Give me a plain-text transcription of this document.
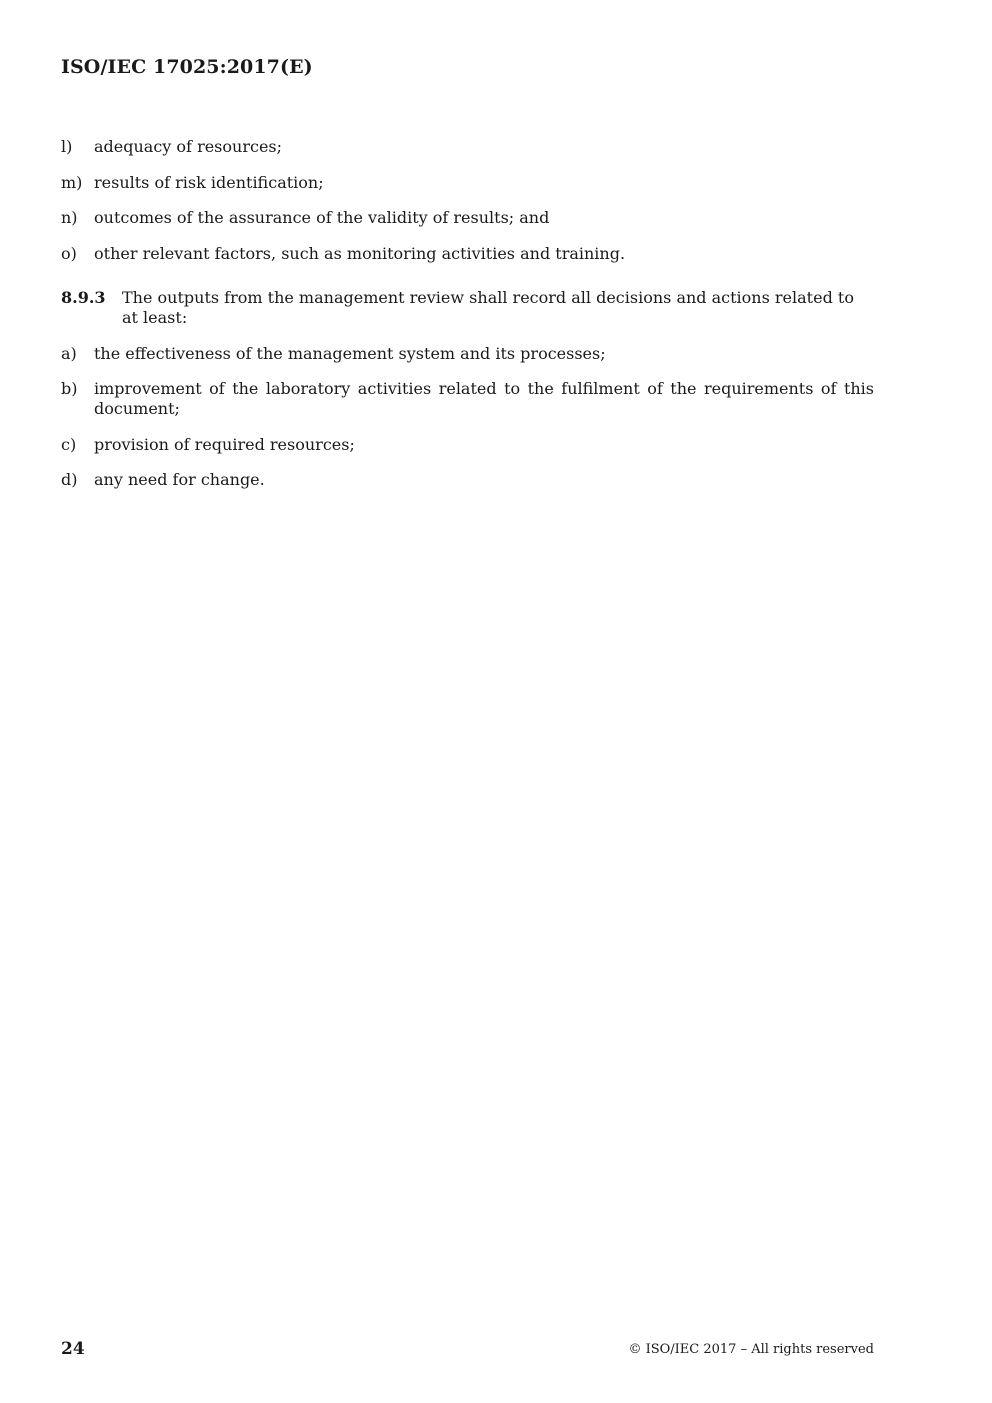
ISO/IEC 17025:2017(E)
l)	adequacy of resources;
m) results of risk identification;
n)	outcomes of the assurance of the validity of results; and
o)	other relevant factors, such as monitoring activities and training.
8.9.3	The outputs from the management review shall record all decisions and actions related to at least:
a)	the effectiveness of the management system and its processes;
b)	improvement of the laboratory activities related to the fulfilment of the requirements of this document;
c)	provision of required resources;
d)	any need for change.
24	© ISO/IEC 2017 – All rights reserved
